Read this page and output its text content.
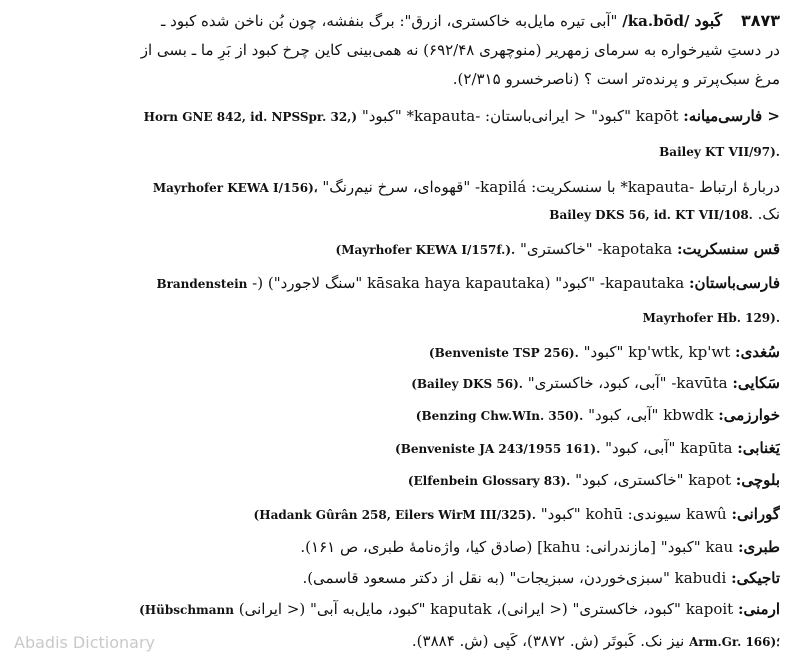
۳۸۷۳ کَبود /ka.bōd/ "آبی تیره مایل‌به خاکستری، ازرق": برگ بنفشه، چون بُن ناخن شده کبود ـ
در دستِ شیرخواره به سرمای زمهریر (منوچهری ۶۹۲/۴۸) نه همی‌بینی کاین چرخ کبود از بَرِ ما ـ بسی از
مرغ سبک‌پرتر و پرنده‌تر است ؟ (ناصرخسرو ۲/۳۱۵).
< فارسی‌میانه: kapōt "کبود" < ایرانی‌باستان: -kapauta* "کبود" Horn GNE 842, id. NPSSpr. 32,)
Bailey KT VII/97).
دربارهٔ ارتباط -kapauta* با سنسکریت: -kapilá "قهوه‌ای، سرخ نیم‌رنگ" Mayrhofer KEWA I/156)،
نک. Bailey DKS 56, id. KT VII/108.
قس سنسکریت: -kapotaka "خاکستری" (Mayrhofer KEWA I/157f.).
فارسی‌باستان: -kapautaka "کبود" (kāsaka haya kapautaka "سنگ لاجورد") (- Brandenstein
Mayrhofer Hb. 129).
سُغدی: kp'wtk, kp'wt "کبود" (Benveniste TSP 256).
سَکایی: -kavūta "آبی، کبود، خاکستری" (Bailey DKS 56).
خوارزمی: kbwdk "آبی، کبود" (Benzing Chw.WIn. 350).
یَغنابی: kapūta "آبی، کبود" (Benveniste JA 243/1955 161).
بلوچی: kapot "خاکستری، کبود" (Elfenbein Glossary 83).
گورانی: kawû سیوندی: kohū "کبود" (Hadank Gûrân 258, Eilers WirM III/325).
طبری: kau "کبود" [مازندرانی: kahu] (صادق کیا، واژه‌نامهٔ طبری، ص ۱۶۱).
تاجیکی: kabudi "سبزی‌خوردن، سبزیجات" (به نقل از دکتر مسعود قاسمی).
ارمنی: kapoit "کبود، خاکستری" (< ایرانی)، kaputak "کبود، مایل‌به آبی" (< ایرانی) (Hübschmann
Arm.Gr. 166)؛ نیز نک. کَبوتَر (ش. ۳۸۷۲)، کَپی (ش. ۳۸۸۴).
Abadis Dictionary
